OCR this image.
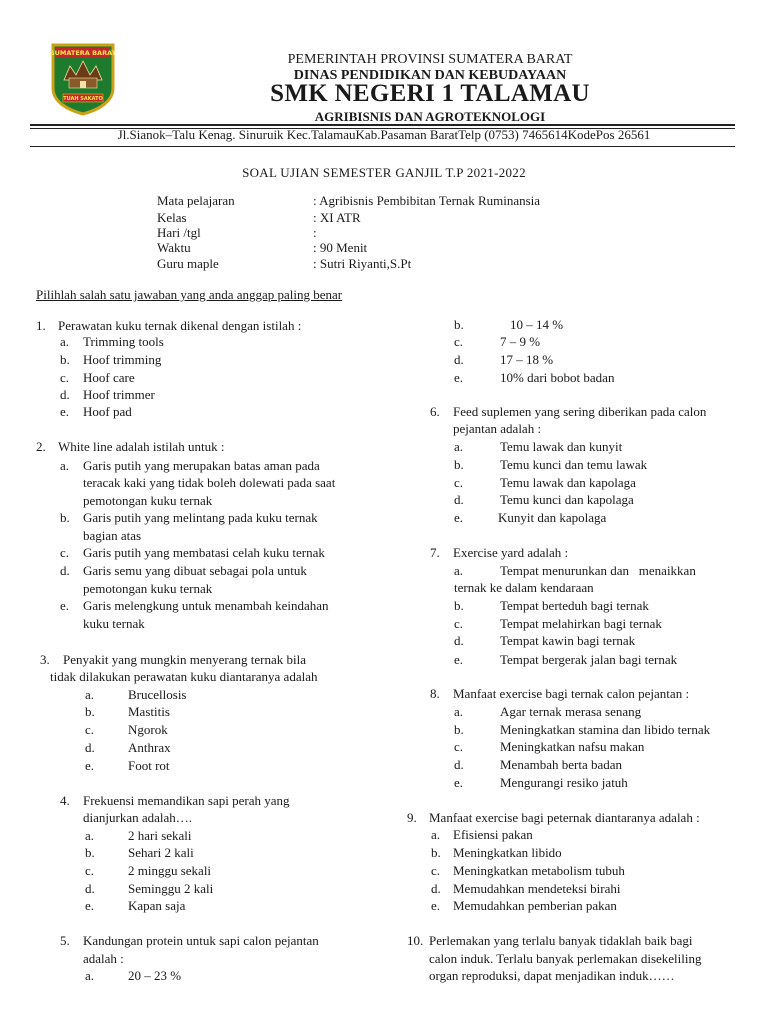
SUMATERA BARAT
TUAH SAKATO
PEMERINTAH PROVINSI SUMATERA BARAT
DINAS PENDIDIKAN DAN KEBUDAYAAN
SMK NEGERI 1 TALAMAU
AGRIBISNIS DAN AGROTEKNOLOGI
Jl.Sianok–Talu Kenag. Sinuruik Kec.TalamauKab.Pasaman BaratTelp (0753) 7465614KodePos 26561
SOAL UJIAN SEMESTER GANJIL T.P 2021-2022
Mata pelajaran	: Agribisnis Pembibitan Ternak Ruminansia
Kelas	: XI ATR
Hari /tgl	:
Waktu	: 90 Menit
Guru maple	: Sutri Riyanti,S.Pt
Pilihlah salah satu jawaban yang anda anggap paling benar
1. Perawatan kuku ternak dikenal dengan istilah :
a. Trimming tools
b. Hoof trimming
c. Hoof care
d. Hoof trimmer
e. Hoof pad
2. White line adalah istilah untuk :
a. Garis putih yang merupakan batas aman pada
teracak kaki yang tidak boleh dolewati pada saat
pemotongan kuku ternak
b. Garis putih yang melintang pada kuku ternak
bagian atas
c. Garis putih yang membatasi celah kuku ternak
d. Garis semu yang dibuat sebagai pola untuk
pemotongan kuku ternak
e. Garis melengkung untuk menambah keindahan
kuku ternak
3. Penyakit yang mungkin menyerang ternak bila
tidak dilakukan perawatan kuku diantaranya adalah
a.	Brucellosis
b.	Mastitis
c.	Ngorok
d.	Anthrax
e.	Foot rot
4. Frekuensi memandikan sapi perah yang
dianjurkan adalah….
a.	2 hari sekali
b.	Sehari 2 kali
c.	2 minggu sekali
d.	Seminggu 2 kali
e.	Kapan saja
5. Kandungan protein untuk sapi calon pejantan
adalah :
a.	20 – 23 %
b.	10 – 14 %
c.	7 – 9 %
d.	17 – 18 %
e.	10% dari bobot badan
6. Feed suplemen yang sering diberikan pada calon
pejantan adalah :
a.	Temu lawak dan kunyit
b.	Temu kunci dan temu lawak
c.	Temu lawak dan kapolaga
d.	Temu kunci dan kapolaga
e.	Kunyit dan kapolaga
7. Exercise yard adalah :
a.	Tempat menurunkan dan   menaikkan
ternak ke dalam kendaraan
b.	Tempat berteduh bagi ternak
c.	Tempat melahirkan bagi ternak
d.	Tempat kawin bagi ternak
e.	Tempat bergerak jalan bagi ternak
8. Manfaat exercise bagi ternak calon pejantan :
a.	Agar ternak merasa senang
b.	Meningkatkan stamina dan libido ternak
c.	Meningkatkan nafsu makan
d.	Menambah berta badan
e.	Mengurangi resiko jatuh
9. Manfaat exercise bagi peternak diantaranya adalah :
a. Efisiensi pakan
b. Meningkatkan libido
c. Meningkatkan metabolism tubuh
d. Memudahkan mendeteksi birahi
e. Memudahkan pemberian pakan
10. Perlemakan yang terlalu banyak tidaklah baik bagi
calon induk. Terlalu banyak perlemakan disekeliling
organ reproduksi, dapat menjadikan induk……
